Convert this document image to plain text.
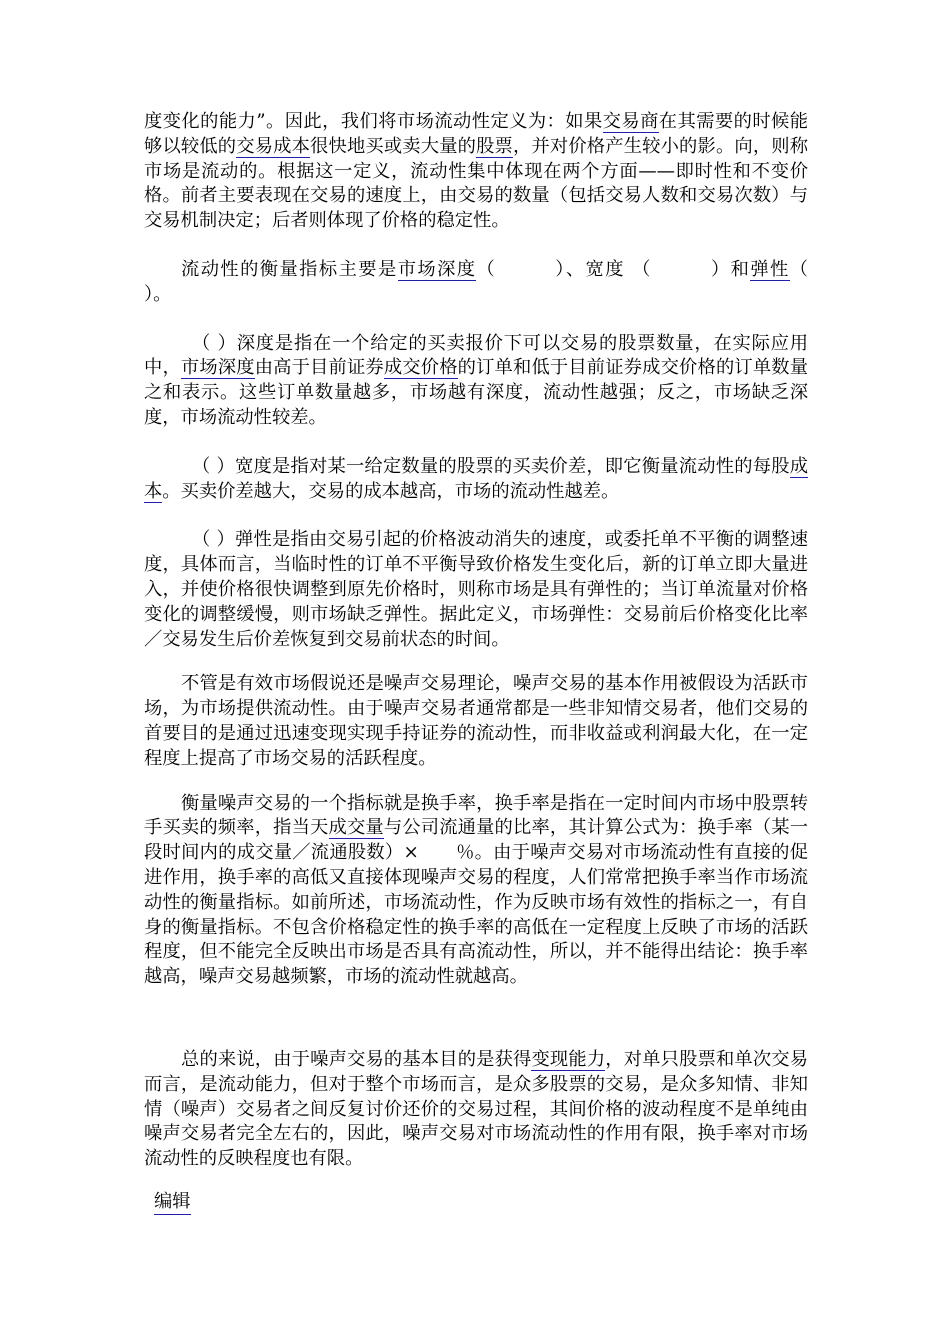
度变化的能力”。因此，我们将市场流动性定义为：如果交易商在其需要的时候能够以较低的交易成本很快地买或卖大量的股票，并对价格产生较小的影。向，则称市场是流动的。根据这一定义，流动性集中体现在两个方面——即时性和不变价格。前者主要表现在交易的速度上，由交易的数量（包括交易人数和交易次数）与交易机制决定；后者则体现了价格的稳定性。

流动性的衡量指标主要是市场深度（　　　）、宽度 （　　　）和弹性（　　　　　）。

（ ）深度是指在一个给定的买卖报价下可以交易的股票数量，在实际应用中，市场深度由高于目前证券成交价格的订单和低于目前证券成交价格的订单数量之和表示。这些订单数量越多，市场越有深度，流动性越强；反之，市场缺乏深度，市场流动性较差。

（ ）宽度是指对某一给定数量的股票的买卖价差，即它衡量流动性的每股成本。买卖价差越大，交易的成本越高，市场的流动性越差。

（ ）弹性是指由交易引起的价格波动消失的速度，或委托单不平衡的调整速度，具体而言，当临时性的订单不平衡导致价格发生变化后，新的订单立即大量进入，并使价格很快调整到原先价格时，则称市场是具有弹性的；当订单流量对价格变化的调整缓慢，则市场缺乏弹性。据此定义，市场弹性：交易前后价格变化比率／交易发生后价差恢复到交易前状态的时间。

不管是有效市场假说还是噪声交易理论，噪声交易的基本作用被假设为活跃市场，为市场提供流动性。由于噪声交易者通常都是一些非知情交易者，他们交易的首要目的是通过迅速变现实现手持证券的流动性，而非收益或利润最大化，在一定程度上提高了市场交易的活跃程度。

衡量噪声交易的一个指标就是换手率，换手率是指在一定时间内市场中股票转手买卖的频率，指当天成交量与公司流通量的比率，其计算公式为：换手率（某一段时间内的成交量／流通股数）×　　％。由于噪声交易对市场流动性有直接的促进作用，换手率的高低又直接体现噪声交易的程度，人们常常把换手率当作市场流动性的衡量指标。如前所述，市场流动性，作为反映市场有效性的指标之一，有自身的衡量指标。不包含价格稳定性的换手率的高低在一定程度上反映了市场的活跃程度，但不能完全反映出市场是否具有高流动性，所以，并不能得出结论：换手率越高，噪声交易越频繁，市场的流动性就越高。

总的来说，由于噪声交易的基本目的是获得变现能力，对单只股票和单次交易而言，是流动能力，但对于整个市场而言，是众多股票的交易，是众多知情、非知情（噪声）交易者之间反复讨价还价的交易过程，其间价格的波动程度不是单纯由噪声交易者完全左右的，因此，噪声交易对市场流动性的作用有限，换手率对市场流动性的反映程度也有限。

编辑
